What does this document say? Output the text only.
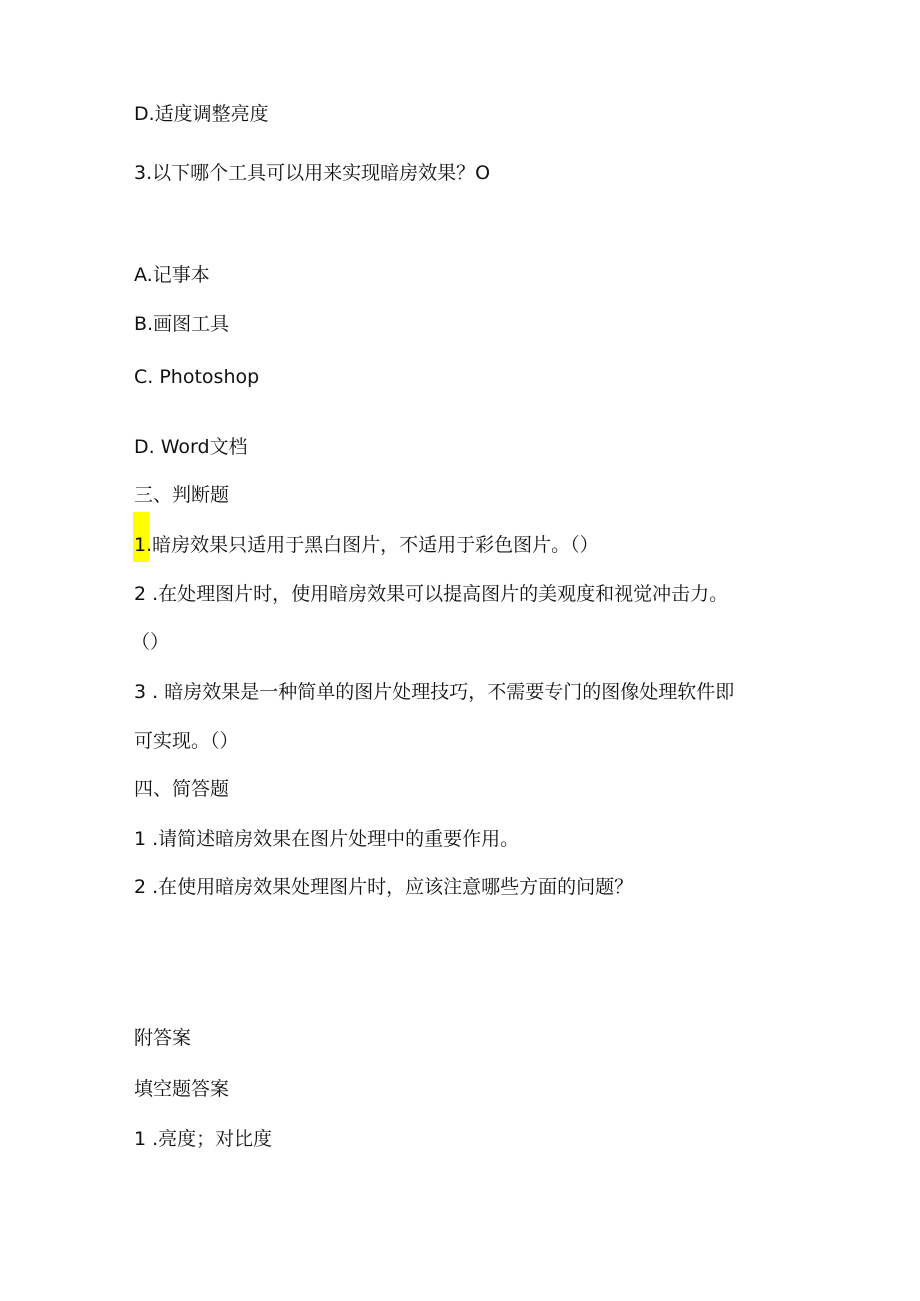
D.适度调整亮度

3.以下哪个工具可以用来实现暗房效果？O

A.记事本

B.画图工具

C. Photoshop

D. Word文档

三、判断题

1.暗房效果只适用于黑白图片，不适用于彩色图片。（）

2 .在处理图片时，使用暗房效果可以提高图片的美观度和视觉冲击力。

（）

3 . 暗房效果是一种简单的图片处理技巧，不需要专门的图像处理软件即

可实现。（）

四、简答题

1 .请简述暗房效果在图片处理中的重要作用。

2 .在使用暗房效果处理图片时，应该注意哪些方面的问题？

附答案

填空题答案

1 .亮度；对比度
